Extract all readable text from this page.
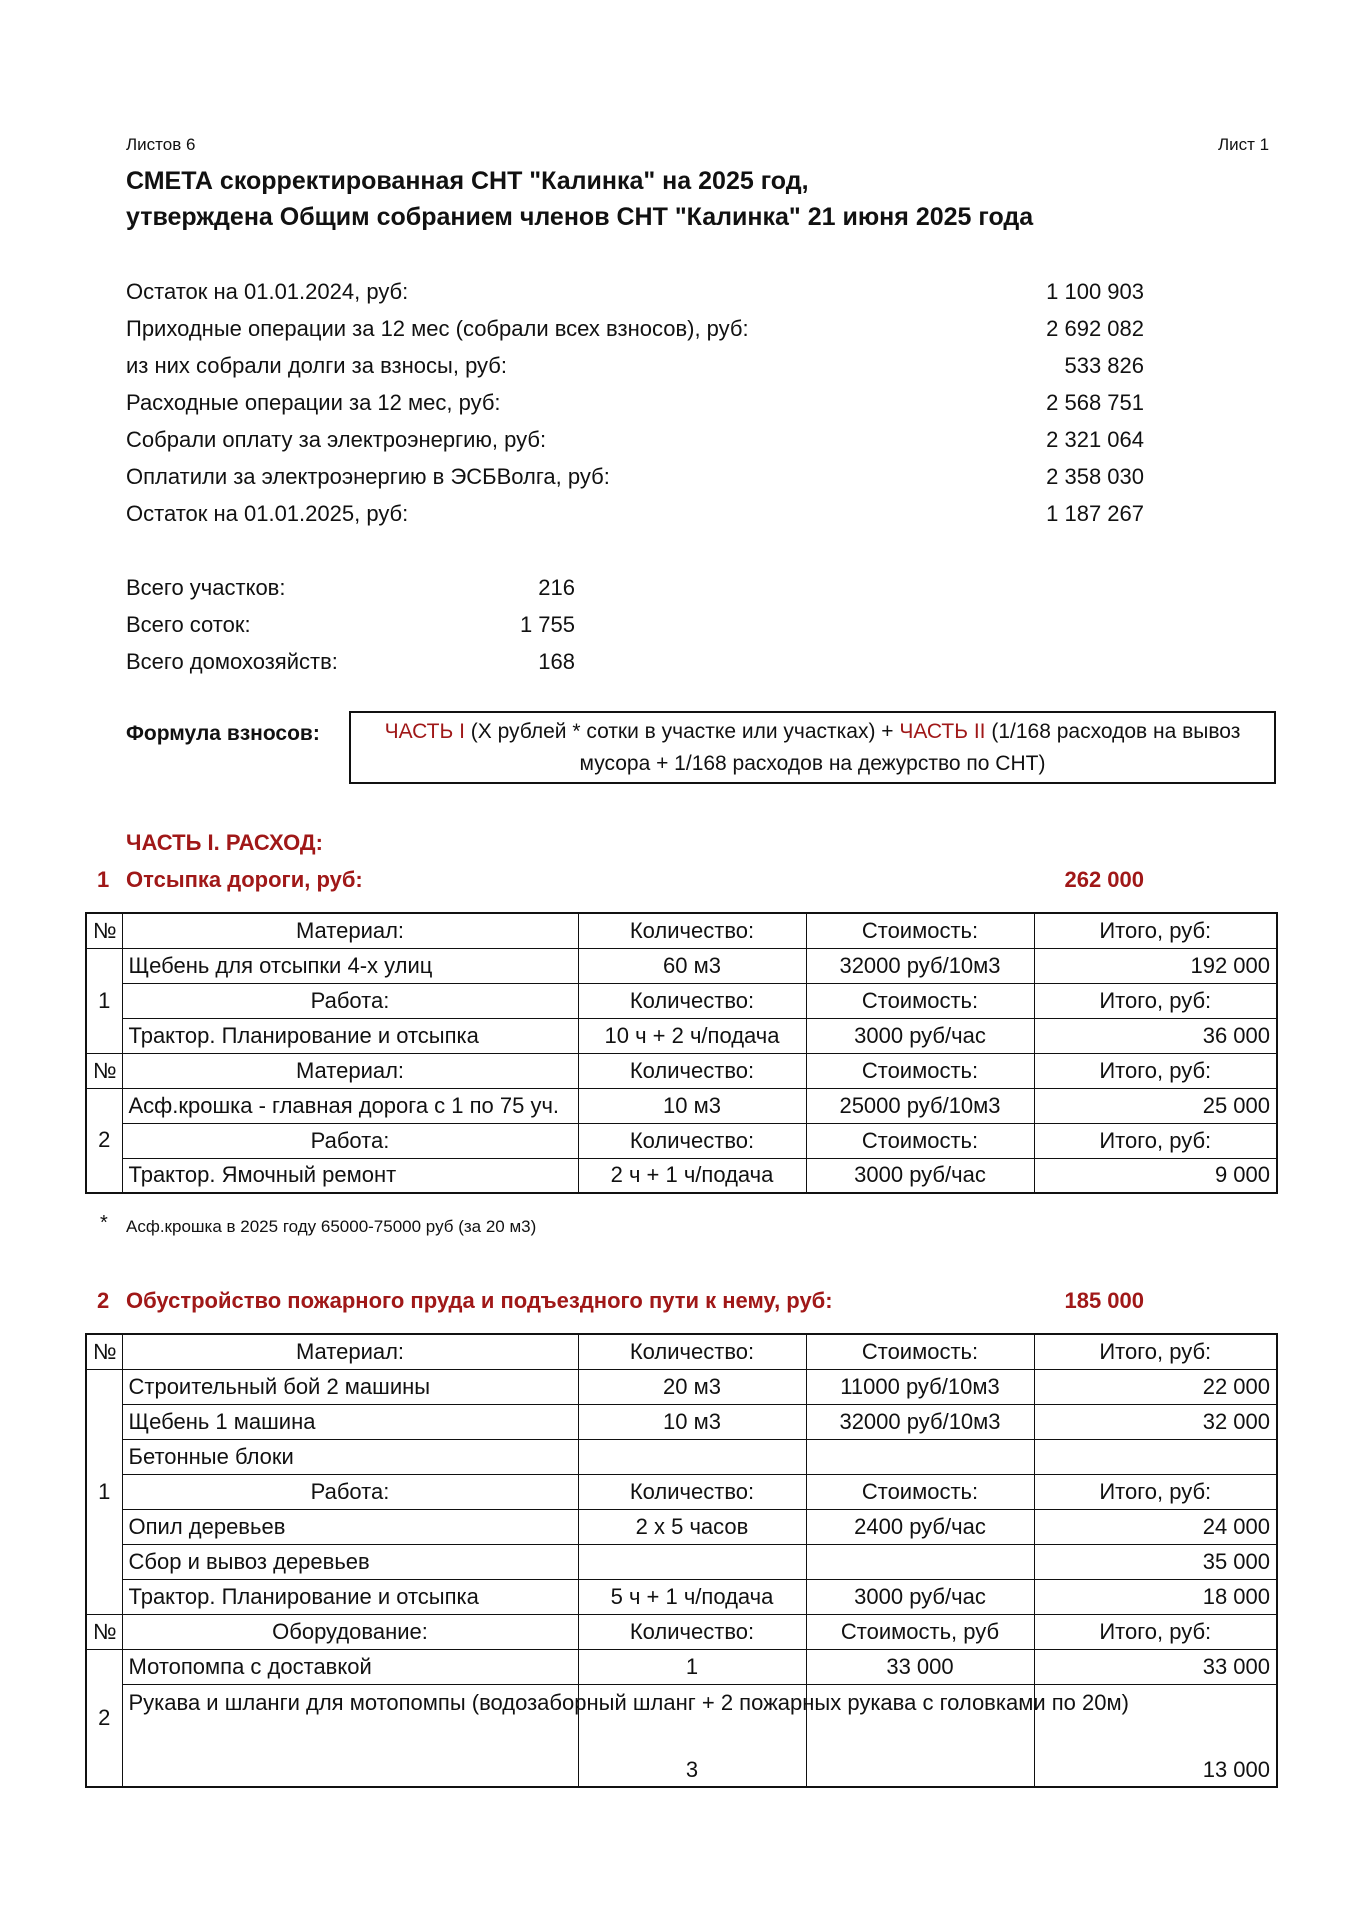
Листов 6	Лист 1
СМЕТА скорректированная СНТ "Калинка" на 2025 год,
утверждена Общим собранием членов СНТ "Калинка" 21 июня 2025 года
Остаток на 01.01.2024, руб:	1 100 903
Приходные операции за 12 мес (собрали всех взносов), руб:	2 692 082
из них собрали долги за взносы, руб:	533 826
Расходные операции за 12 мес, руб:	2 568 751
Собрали оплату за электроэнергию, руб:	2 321 064
Оплатили за электроэнергию в ЭСБВолга, руб:	2 358 030
Остаток на 01.01.2025, руб:	1 187 267
Всего участков:	216
Всего соток:	1 755
Всего домохозяйств:	168
Формула взносов:	ЧАСТЬ I (Х рублей * сотки в участке или участках) + ЧАСТЬ II (1/168 расходов на вывоз
мусора + 1/168 расходов на дежурство по СНТ)
ЧАСТЬ I. РАСХОД:
1 Отсыпка дороги, руб:	262 000
№	Материал:	Количество:	Стоимость:	Итого, руб:
1	Щебень для отсыпки 4-х улиц	60 м3	32000 руб/10м3	192 000
	Работа:	Количество:	Стоимость:	Итого, руб:
	Трактор. Планирование и отсыпка	10 ч + 2 ч/подача	3000 руб/час	36 000
№	Материал:	Количество:	Стоимость:	Итого, руб:
2	Асф.крошка - главная дорога с 1 по 75 уч.	10 м3	25000 руб/10м3	25 000
	Работа:	Количество:	Стоимость:	Итого, руб:
	Трактор. Ямочный ремонт	2 ч + 1 ч/подача	3000 руб/час	9 000
* Асф.крошка в 2025 году 65000-75000 руб (за 20 м3)
2 Обустройство пожарного пруда и подъездного пути к нему, руб:	185 000
№	Материал:	Количество:	Стоимость:	Итого, руб:
1	Строительный бой 2 машины	20 м3	11000 руб/10м3	22 000
	Щебень 1 машина	10 м3	32000 руб/10м3	32 000
	Бетонные блоки			
	Работа:	Количество:	Стоимость:	Итого, руб:
	Опил деревьев	2 х 5 часов	2400 руб/час	24 000
	Сбор и вывоз деревьев			35 000
	Трактор. Планирование и отсыпка	5 ч + 1 ч/подача	3000 руб/час	18 000
№	Оборудование:	Количество:	Стоимость, руб	Итого, руб:
2	Мотопомпа с доставкой	1	33 000	33 000
	Рукава и шланги для мотопомпы (водозаборный шланг + 2 пожарных рукава с головками по 20м)	3		13 000
